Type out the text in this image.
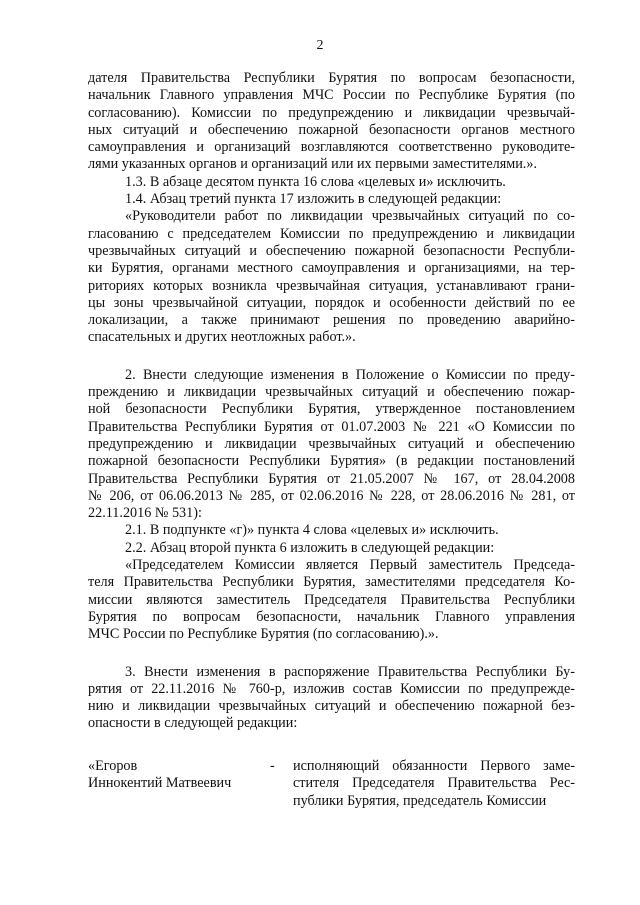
2
дателя Правительства Республики Бурятия по вопросам безопасности,
начальник Главного управления МЧС России по Республике Бурятия (по
согласованию). Комиссии по предупреждению и ликвидации чрезвычай-
ных ситуаций и обеспечению пожарной безопасности органов местного
самоуправления и организаций возглавляются соответственно руководите-
лями указанных органов и организаций или их первыми заместителями.».
1.3. В абзаце десятом пункта 16 слова «целевых и» исключить.
1.4. Абзац третий пункта 17 изложить в следующей редакции:
«Руководители работ по ликвидации чрезвычайных ситуаций по со-
гласованию с председателем Комиссии по предупреждению и ликвидации
чрезвычайных ситуаций и обеспечению пожарной безопасности Республи-
ки Бурятия, органами местного самоуправления и организациями, на тер-
риториях которых возникла чрезвычайная ситуация, устанавливают грани-
цы зоны чрезвычайной ситуации, порядок и особенности действий по ее
локализации, а также принимают решения по проведению аварийно-
спасательных и других неотложных работ.».
2. Внести следующие изменения в Положение о Комиссии по преду-
преждению и ликвидации чрезвычайных ситуаций и обеспечению пожар-
ной безопасности Республики Бурятия, утвержденное постановлением
Правительства Республики Бурятия от 01.07.2003 № 221 «О Комиссии по
предупреждению и ликвидации чрезвычайных ситуаций и обеспечению
пожарной безопасности Республики Бурятия» (в редакции постановлений
Правительства Республики Бурятия от 21.05.2007 № 167, от 28.04.2008
№ 206, от 06.06.2013 № 285, от 02.06.2016 № 228, от 28.06.2016 № 281, от
22.11.2016 № 531):
2.1. В подпункте «г)» пункта 4 слова «целевых и» исключить.
2.2. Абзац второй пункта 6 изложить в следующей редакции:
«Председателем Комиссии является Первый заместитель Председа-
теля Правительства Республики Бурятия, заместителями председателя Ко-
миссии являются заместитель Председателя Правительства Республики
Бурятия по вопросам безопасности, начальник Главного управления
МЧС России по Республике Бурятия (по согласованию).».
3. Внести изменения в распоряжение Правительства Республики Бу-
рятия от 22.11.2016 № 760-р, изложив состав Комиссии по предупрежде-
нию и ликвидации чрезвычайных ситуаций и обеспечению пожарной без-
опасности в следующей редакции:
«Егоров
Иннокентий Матвеевич
- исполняющий обязанности Первого заме-
стителя Председателя Правительства Рес-
публики Бурятия, председатель Комиссии
